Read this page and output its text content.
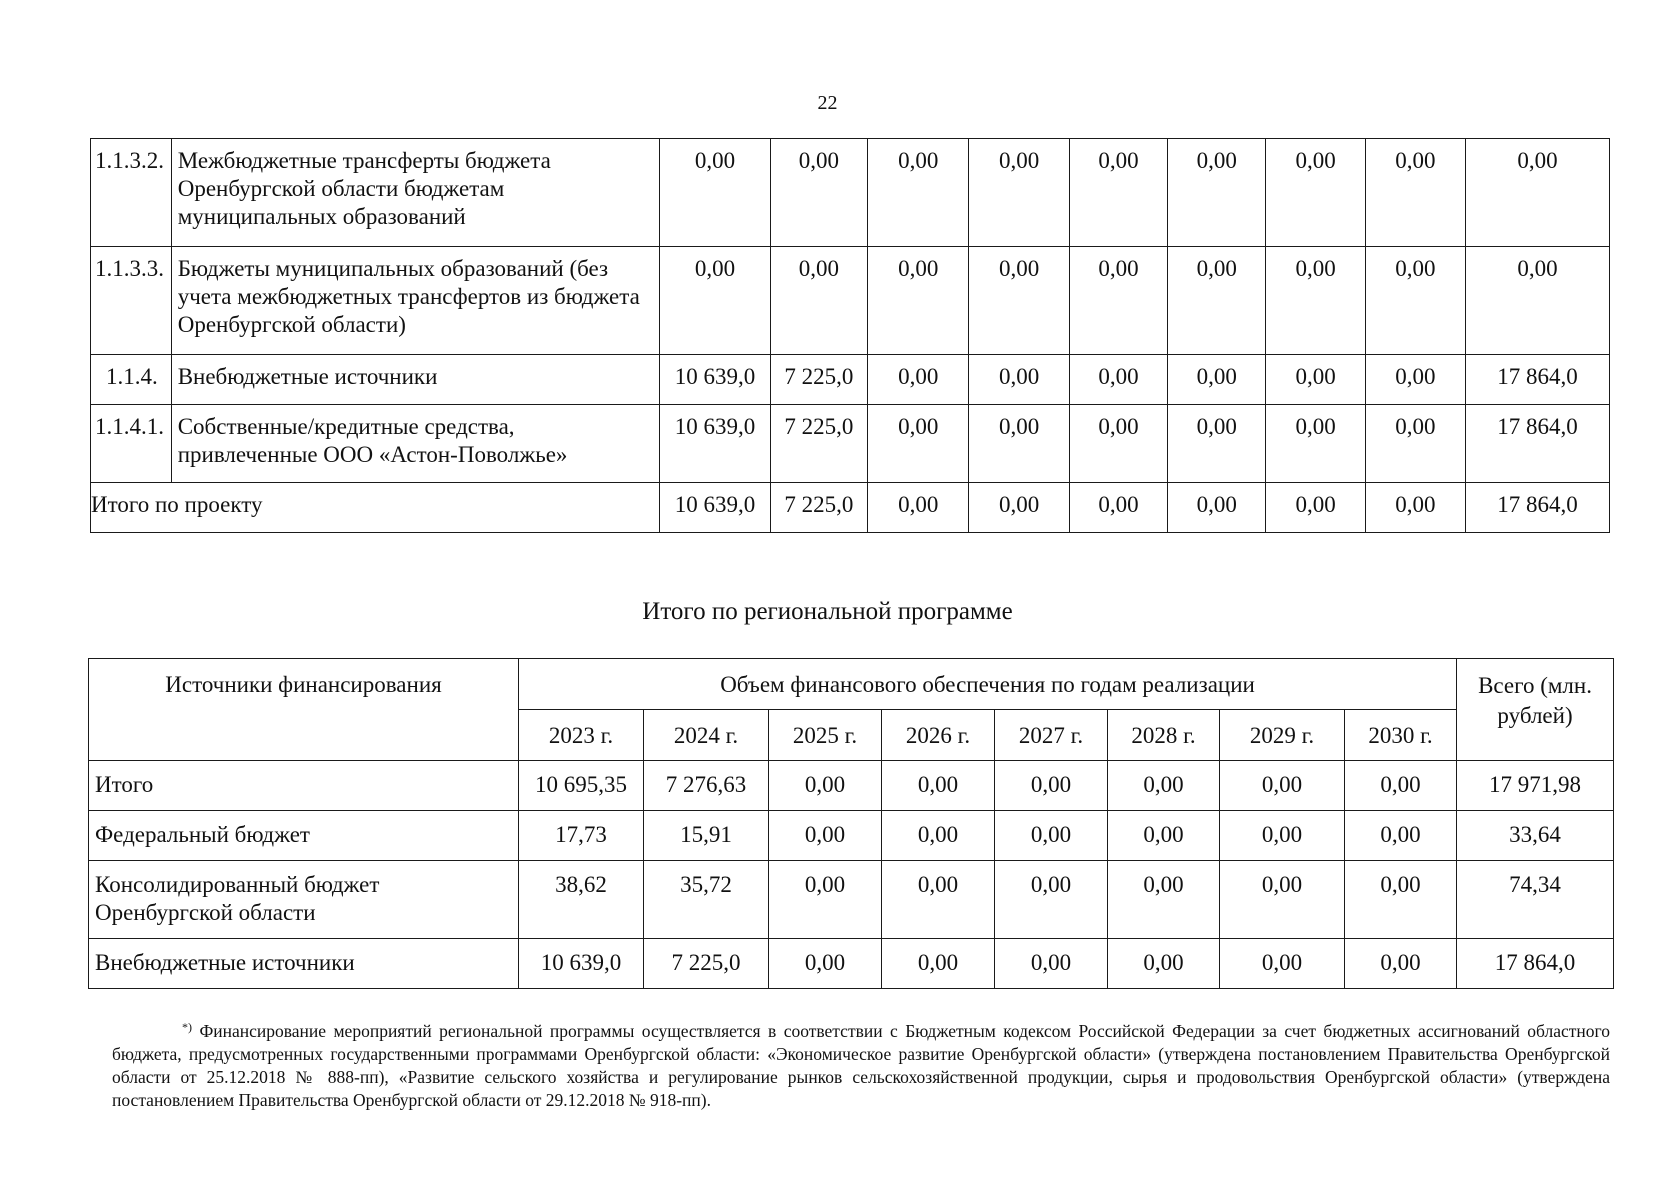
22
1.1.3.2.	Межбюджетные трансферты бюджета Оренбургской области бюджетам муниципальных образований	0,00	0,00	0,00	0,00	0,00	0,00	0,00	0,00	0,00
1.1.3.3.	Бюджеты муниципальных образований (без учета межбюджетных трансфертов из бюджета Оренбургской области)	0,00	0,00	0,00	0,00	0,00	0,00	0,00	0,00	0,00
1.1.4.	Внебюджетные источники	10 639,0	7 225,0	0,00	0,00	0,00	0,00	0,00	0,00	17 864,0
1.1.4.1.	Собственные/кредитные средства, привлеченные ООО «Астон-Поволжье»	10 639,0	7 225,0	0,00	0,00	0,00	0,00	0,00	0,00	17 864,0
Итого по проекту		10 639,0	7 225,0	0,00	0,00	0,00	0,00	0,00	0,00	17 864,0
Итого по региональной программе
Источники финансирования	Объем финансового обеспечения по годам реализации								Всего (млн. рублей)
	2023 г.	2024 г.	2025 г.	2026 г.	2027 г.	2028 г.	2029 г.	2030 г.	
Итого	10 695,35	7 276,63	0,00	0,00	0,00	0,00	0,00	0,00	17 971,98
Федеральный бюджет	17,73	15,91	0,00	0,00	0,00	0,00	0,00	0,00	33,64
Консолидированный бюджет Оренбургской области	38,62	35,72	0,00	0,00	0,00	0,00	0,00	0,00	74,34
Внебюджетные источники	10 639,0	7 225,0	0,00	0,00	0,00	0,00	0,00	0,00	17 864,0
*) Финансирование мероприятий региональной программы осуществляется в соответствии с Бюджетным кодексом Российской Федерации за счет бюджетных ассигнований областного бюджета, предусмотренных государственными программами Оренбургской области: «Экономическое развитие Оренбургской области» (утверждена постановлением Правительства Оренбургской области от 25.12.2018 № 888-пп), «Развитие сельского хозяйства и регулирование рынков сельскохозяйственной продукции, сырья и продовольствия Оренбургской области» (утверждена постановлением Правительства Оренбургской области от 29.12.2018 № 918-пп).
